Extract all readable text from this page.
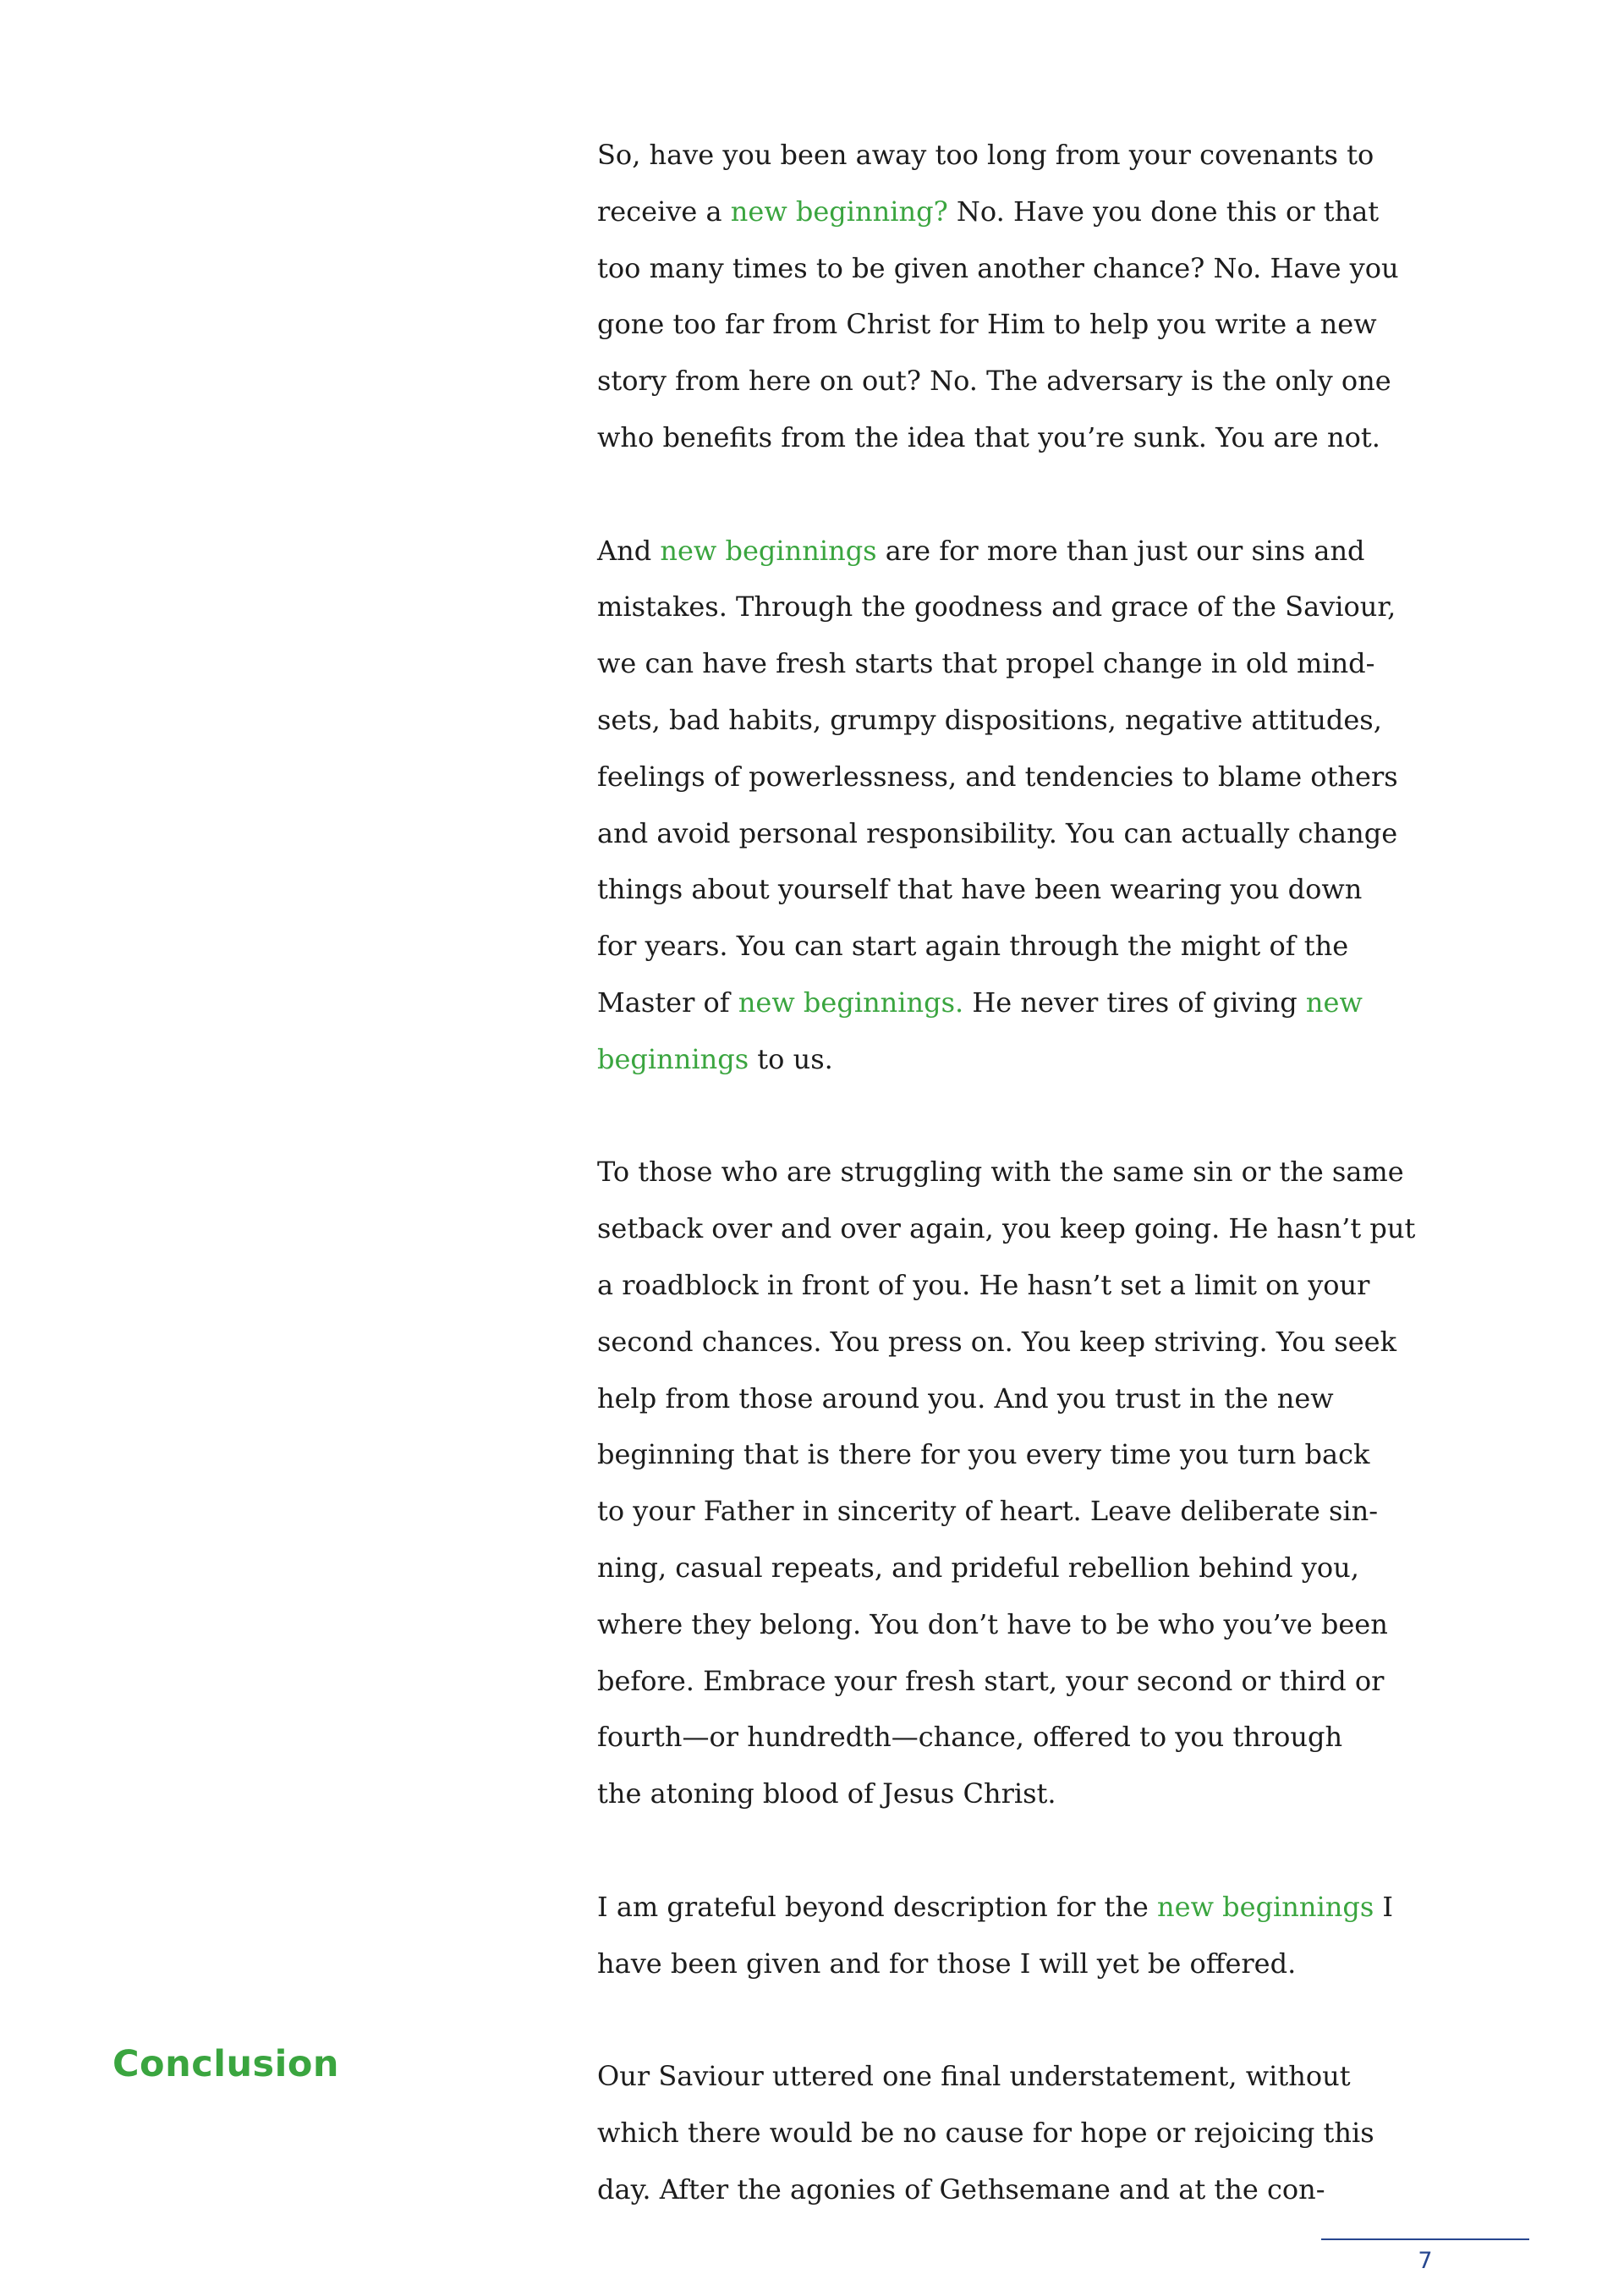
So, have you been away too long from your covenants to
receive a new beginning? No. Have you done this or that
too many times to be given another chance? No. Have you
gone too far from Christ for Him to help you write a new
story from here on out? No. The adversary is the only one
who benefits from the idea that you’re sunk. You are not.

And new beginnings are for more than just our sins and
mistakes. Through the goodness and grace of the Saviour,
we can have fresh starts that propel change in old mind-
sets, bad habits, grumpy dispositions, negative attitudes,
feelings of powerlessness, and tendencies to blame others
and avoid personal responsibility. You can actually change
things about yourself that have been wearing you down
for years. You can start again through the might of the
Master of new beginnings. He never tires of giving new
beginnings to us.

To those who are struggling with the same sin or the same
setback over and over again, you keep going. He hasn’t put
a roadblock in front of you. He hasn’t set a limit on your
second chances. You press on. You keep striving. You seek
help from those around you. And you trust in the new
beginning that is there for you every time you turn back
to your Father in sincerity of heart. Leave deliberate sin-
ning, casual repeats, and prideful rebellion behind you,
where they belong. You don’t have to be who you’ve been
before. Embrace your fresh start, your second or third or
fourth—or hundredth—chance, offered to you through
the atoning blood of Jesus Christ.

I am grateful beyond description for the new beginnings I
have been given and for those I will yet be offered.

Our Saviour uttered one final understatement, without
which there would be no cause for hope or rejoicing this
day. After the agonies of Gethsemane and at the con-

Conclusion
7
